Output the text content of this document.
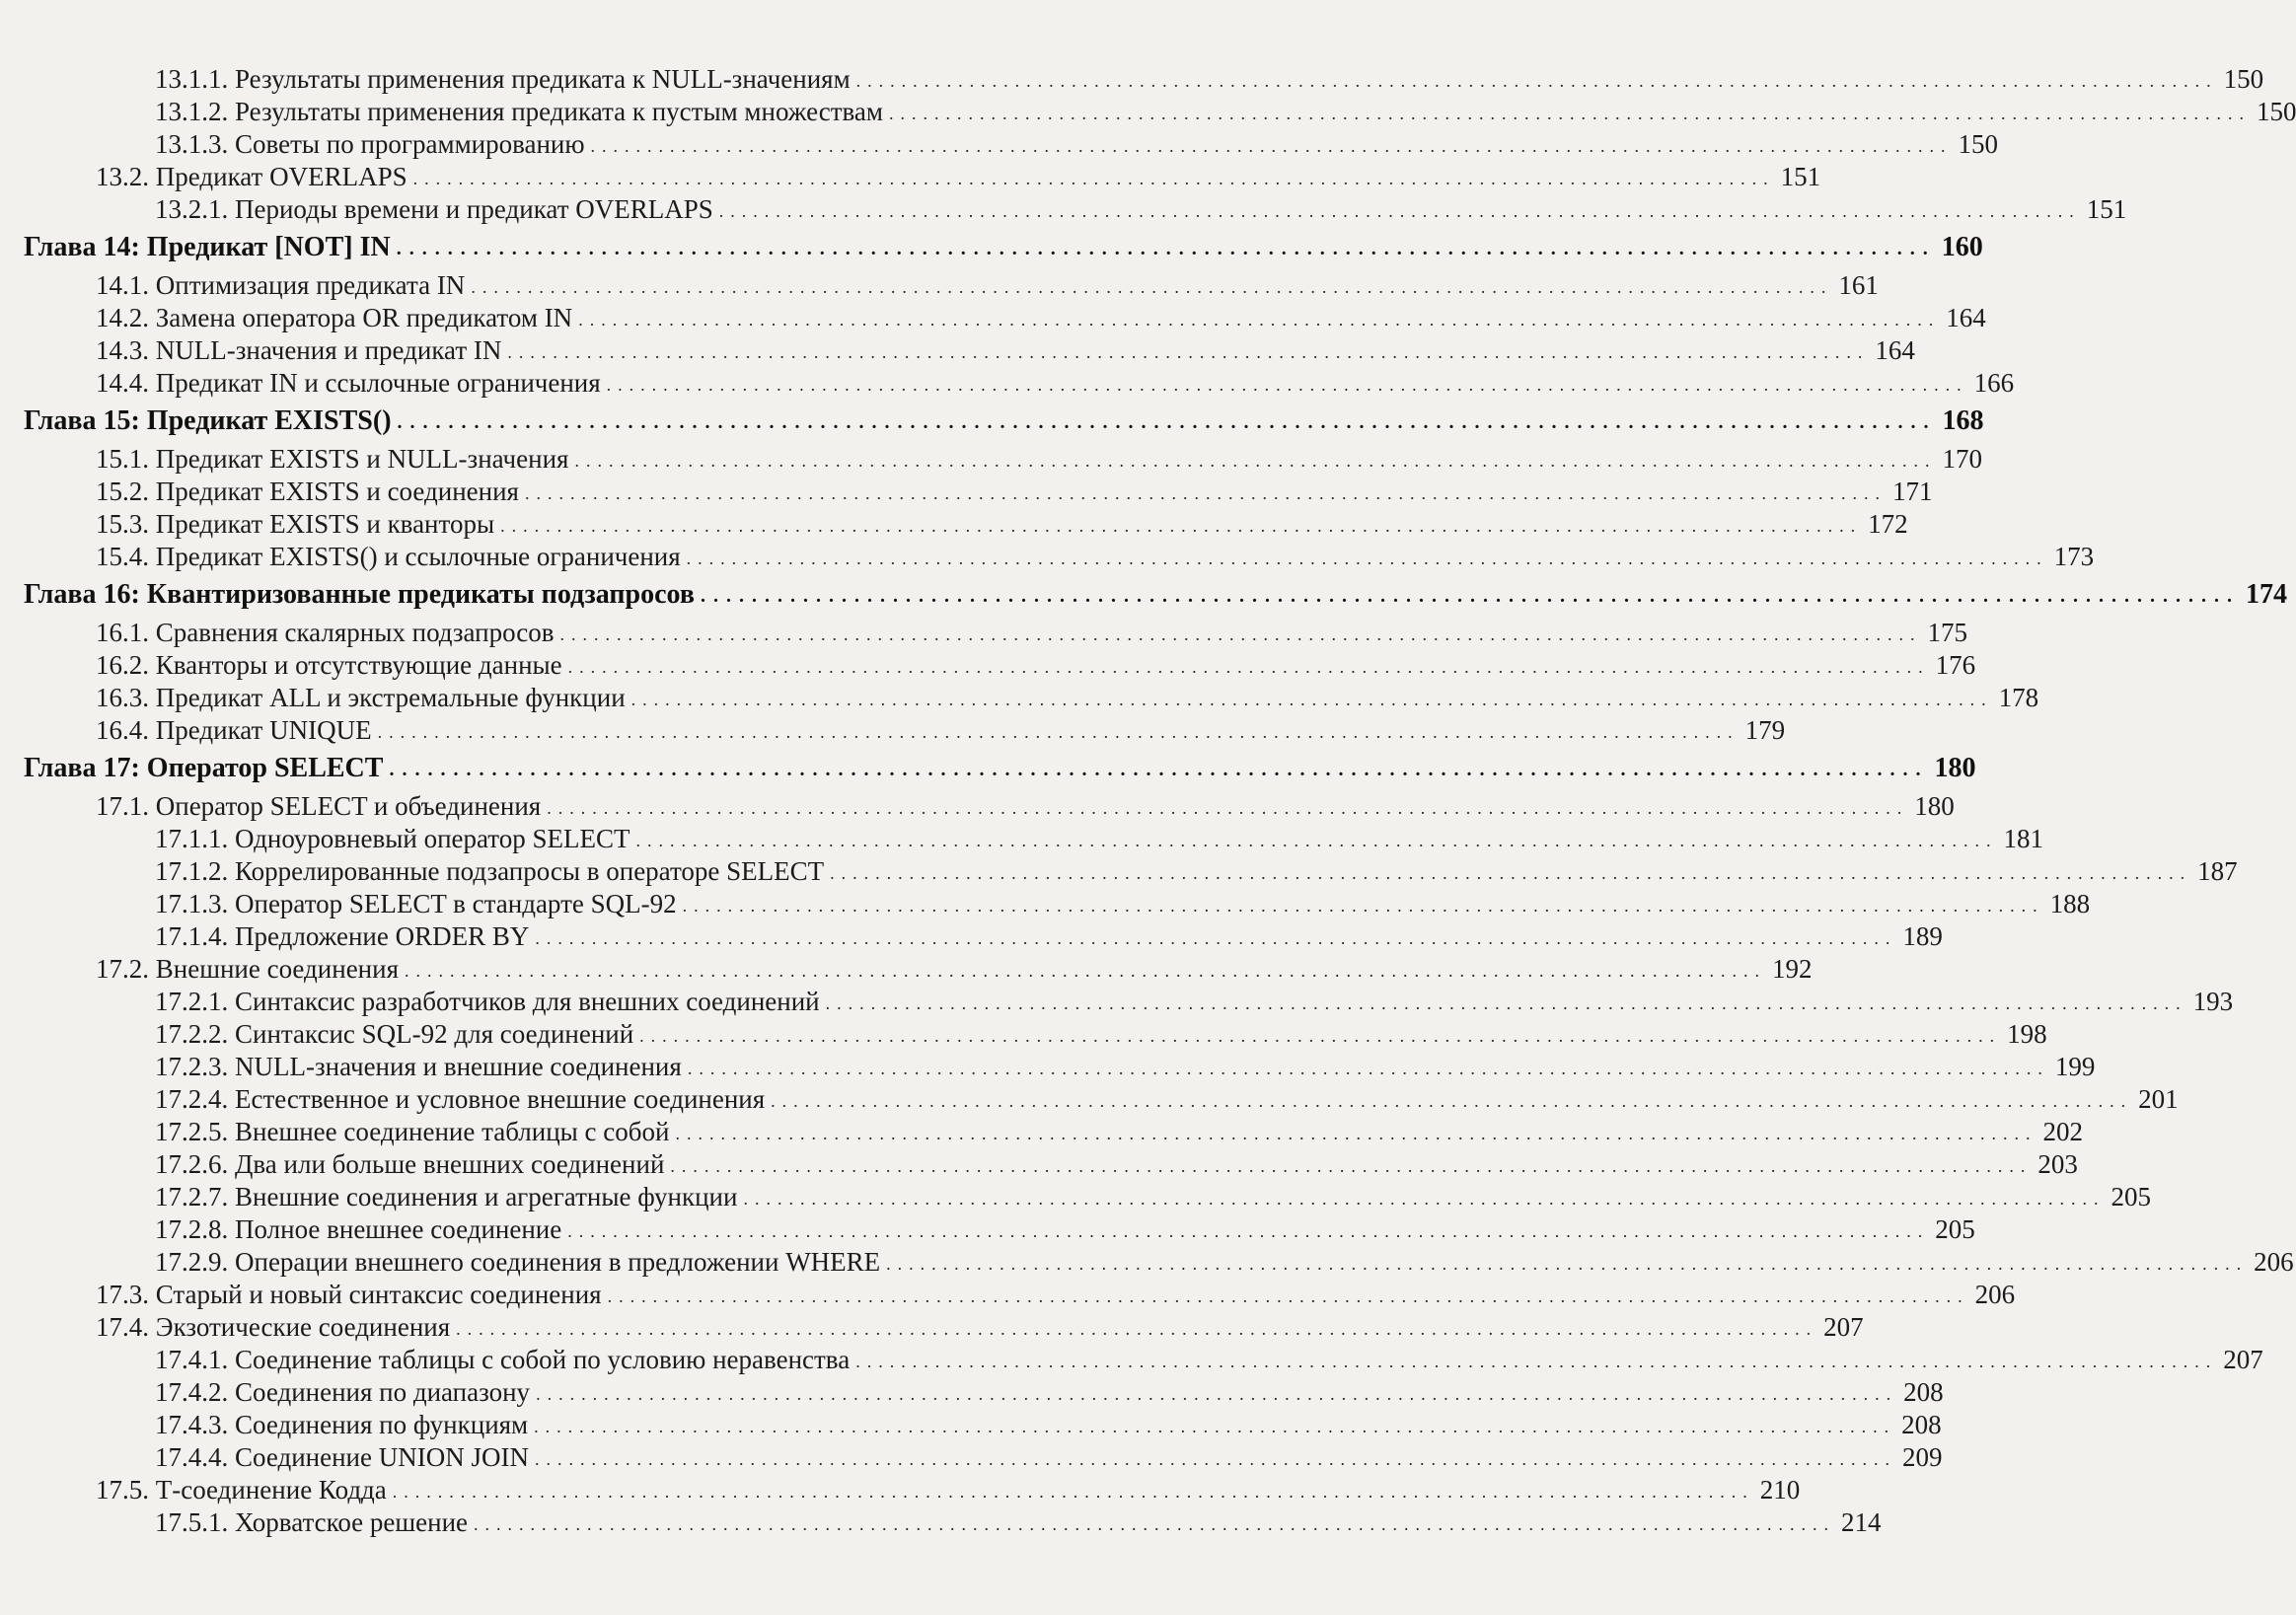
13.1.1. Результаты применения предиката к NULL-значениям ........................................................................................................................ 150
13.1.2. Результаты применения предиката к пустым множествам ........................................................................................................................ 150
13.1.3. Советы по программированию ........................................................................................................................ 150
13.2. Предикат OVERLAPS ........................................................................................................................ 151
13.2.1. Периоды времени и предикат OVERLAPS ........................................................................................................................ 151
Глава 14: Предикат [NOT] IN ........................................................................................................................ 160
14.1. Оптимизация предиката IN ........................................................................................................................ 161
14.2. Замена оператора OR предикатом IN ........................................................................................................................ 164
14.3. NULL-значения и предикат IN ........................................................................................................................ 164
14.4. Предикат IN и ссылочные ограничения ........................................................................................................................ 166
Глава 15: Предикат EXISTS() ........................................................................................................................ 168
15.1. Предикат EXISTS и NULL-значения ........................................................................................................................ 170
15.2. Предикат EXISTS и соединения ........................................................................................................................ 171
15.3. Предикат EXISTS и кванторы ........................................................................................................................ 172
15.4. Предикат EXISTS() и ссылочные ограничения ........................................................................................................................ 173
Глава 16: Квантиризованные предикаты подзапросов ........................................................................................................................ 174
16.1. Сравнения скалярных подзапросов ........................................................................................................................ 175
16.2. Кванторы и отсутствующие данные ........................................................................................................................ 176
16.3. Предикат ALL и экстремальные функции ........................................................................................................................ 178
16.4. Предикат UNIQUE ........................................................................................................................ 179
Глава 17: Оператор SELECT ........................................................................................................................ 180
17.1. Оператор SELECT и объединения ........................................................................................................................ 180
17.1.1. Одноуровневый оператор SELECT ........................................................................................................................ 181
17.1.2. Коррелированные подзапросы в операторе SELECT ........................................................................................................................ 187
17.1.3. Оператор SELECT в стандарте SQL-92 ........................................................................................................................ 188
17.1.4. Предложение ORDER BY ........................................................................................................................ 189
17.2. Внешние соединения ........................................................................................................................ 192
17.2.1. Синтаксис разработчиков для внешних соединений ........................................................................................................................ 193
17.2.2. Синтаксис SQL-92 для соединений ........................................................................................................................ 198
17.2.3. NULL-значения и внешние соединения ........................................................................................................................ 199
17.2.4. Естественное и условное внешние соединения ........................................................................................................................ 201
17.2.5. Внешнее соединение таблицы с собой ........................................................................................................................ 202
17.2.6. Два или больше внешних соединений ........................................................................................................................ 203
17.2.7. Внешние соединения и агрегатные функции ........................................................................................................................ 205
17.2.8. Полное внешнее соединение ........................................................................................................................ 205
17.2.9. Операции внешнего соединения в предложении WHERE ........................................................................................................................ 206
17.3. Старый и новый синтаксис соединения ........................................................................................................................ 206
17.4. Экзотические соединения ........................................................................................................................ 207
17.4.1. Соединение таблицы с собой по условию неравенства ........................................................................................................................ 207
17.4.2. Соединения по диапазону ........................................................................................................................ 208
17.4.3. Соединения по функциям ........................................................................................................................ 208
17.4.4. Соединение UNION JOIN ........................................................................................................................ 209
17.5. Т-соединение Кодда ........................................................................................................................ 210
17.5.1. Хорватское решение ........................................................................................................................ 214
